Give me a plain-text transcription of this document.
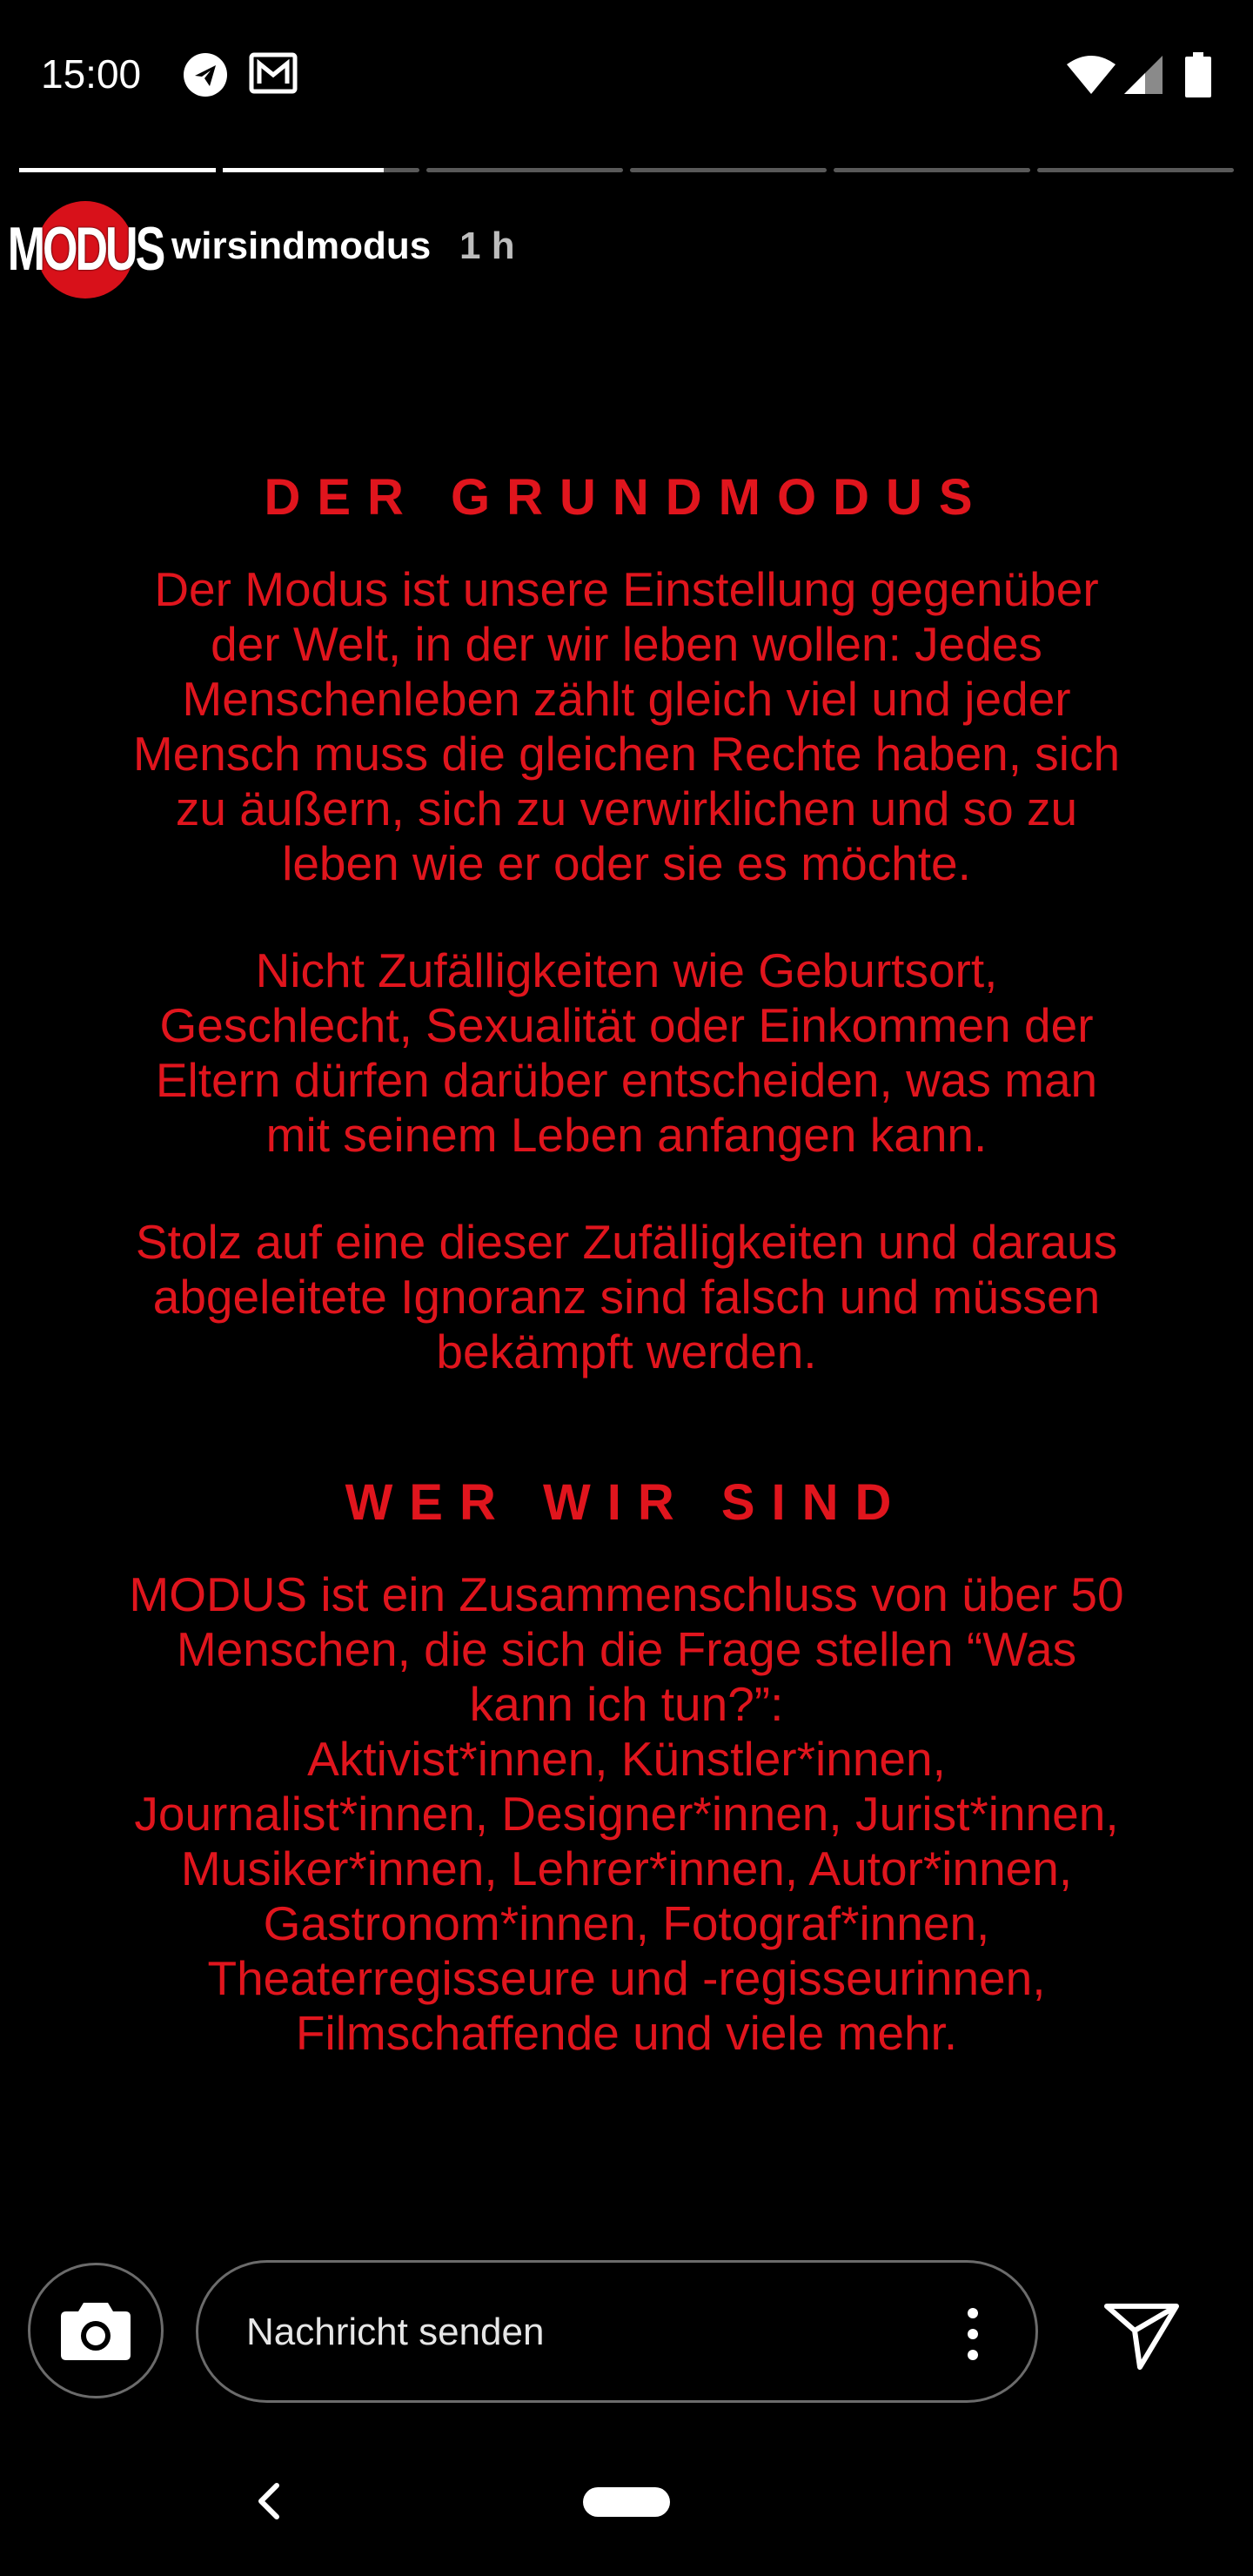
15:00
MODUS wirsindmodus 1 h

DER GRUNDMODUS

Der Modus ist unsere Einstellung gegenüber
der Welt, in der wir leben wollen: Jedes
Menschenleben zählt gleich viel und jeder
Mensch muss die gleichen Rechte haben, sich
zu äußern, sich zu verwirklichen und so zu
leben wie er oder sie es möchte.
Nicht Zufälligkeiten wie Geburtsort,
Geschlecht, Sexualität oder Einkommen der
Eltern dürfen darüber entscheiden, was man
mit seinem Leben anfangen kann.
Stolz auf eine dieser Zufälligkeiten und daraus
abgeleitete Ignoranz sind falsch und müssen
bekämpft werden.

WER WIR SIND

MODUS ist ein Zusammenschluss von über 50
Menschen, die sich die Frage stellen “Was
kann ich tun?”:
Aktivist*innen, Künstler*innen,
Journalist*innen, Designer*innen, Jurist*innen,
Musiker*innen, Lehrer*innen, Autor*innen,
Gastronom*innen, Fotograf*innen,
Theaterregisseure und -regisseurinnen,
Filmschaffende und viele mehr.
Nachricht senden
